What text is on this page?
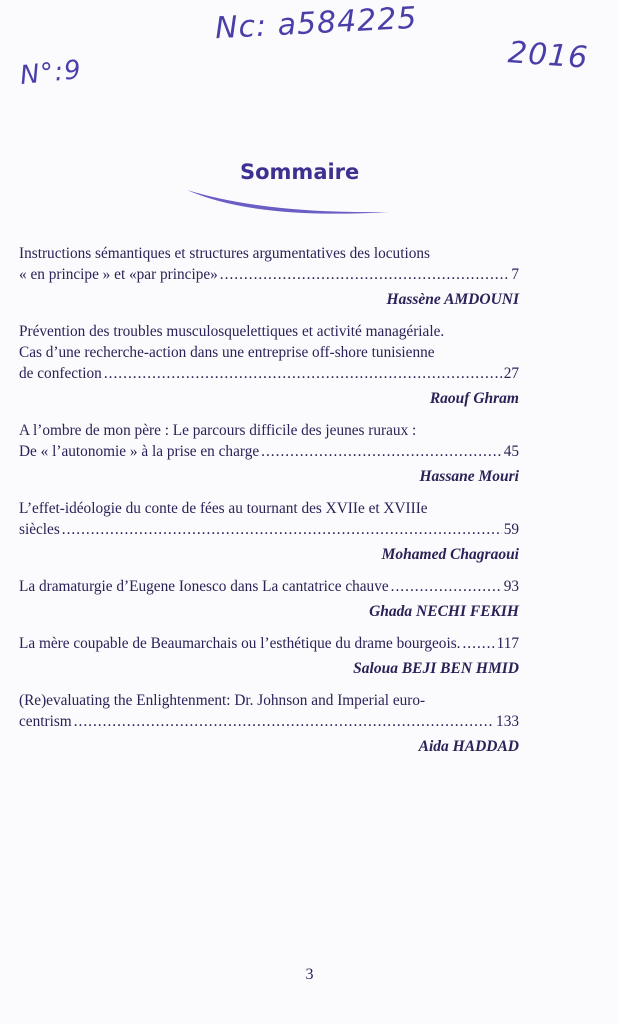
Nc: a584225
N°:9	2016
Sommaire
Instructions sémantiques et structures argumentatives des locutions
« en principe » et «par principe» .....	7
Hassène AMDOUNI
Prévention des troubles musculosquelettiques et activité managériale.
Cas d’une recherche-action dans une entreprise off-shore tunisienne
de confection .....	27
Raouf Ghram
A l’ombre de mon père : Le parcours difficile des jeunes ruraux :
De « l’autonomie » à la prise en charge .....	45
Hassane Mouri
L’effet-idéologie du conte de fées au tournant des XVIIe et XVIIIe
siècles .....	59
Mohamed Chagraoui
La dramaturgie d’Eugene Ionesco dans La cantatrice chauve .....	93
Ghada NECHI FEKIH
La mère coupable de Beaumarchais ou l’esthétique du drame bourgeois. ..... 117
Saloua BEJI BEN HMID
(Re)evaluating the Enlightenment: Dr. Johnson and Imperial euro-
centrism .....	133
Aida HADDAD
3
